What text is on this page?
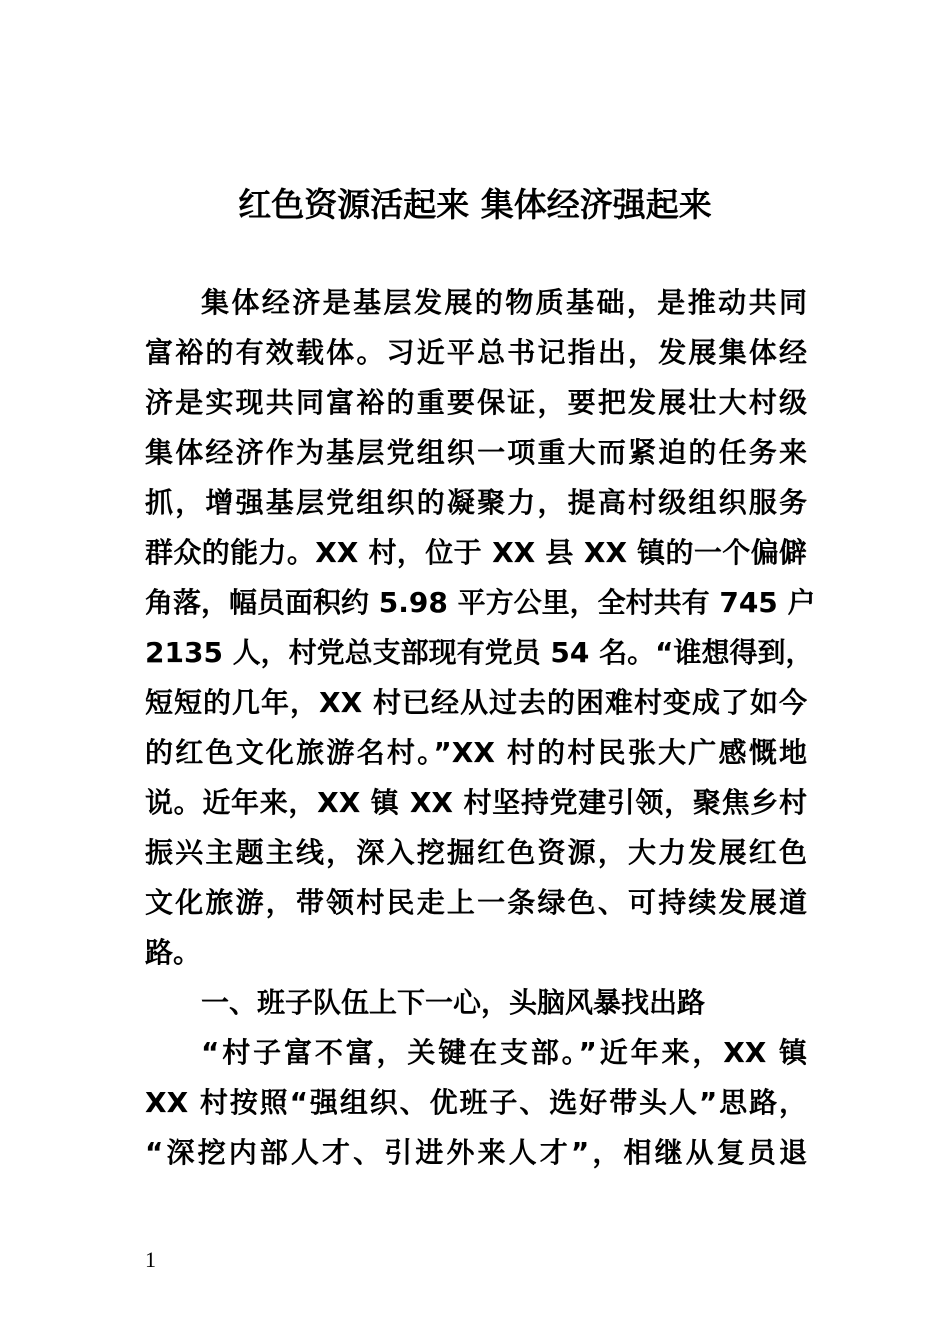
红色资源活起来 集体经济强起来
集体经济是基层发展的物质基础，是推动共同
富裕的有效载体。习近平总书记指出，发展集体经
济是实现共同富裕的重要保证，要把发展壮大村级
集体经济作为基层党组织一项重大而紧迫的任务来
抓，增强基层党组织的凝聚力，提高村级组织服务
群众的能力。XX 村，位于 XX 县 XX 镇的一个偏僻
角落，幅员面积约 5.98 平方公里，全村共有 745 户
2135 人，村党总支部现有党员 54 名。“谁想得到，
短短的几年，XX 村已经从过去的困难村变成了如今
的红色文化旅游名村。”XX 村的村民张大广感慨地
说。近年来，XX 镇 XX 村坚持党建引领，聚焦乡村
振兴主题主线，深入挖掘红色资源，大力发展红色
文化旅游，带领村民走上一条绿色、可持续发展道
路。
一、班子队伍上下一心，头脑风暴找出路
“村子富不富，关键在支部。”近年来，XX 镇
XX 村按照“强组织、优班子、选好带头人”思路，
“深挖内部人才、引进外来人才”，相继从复员退
1
